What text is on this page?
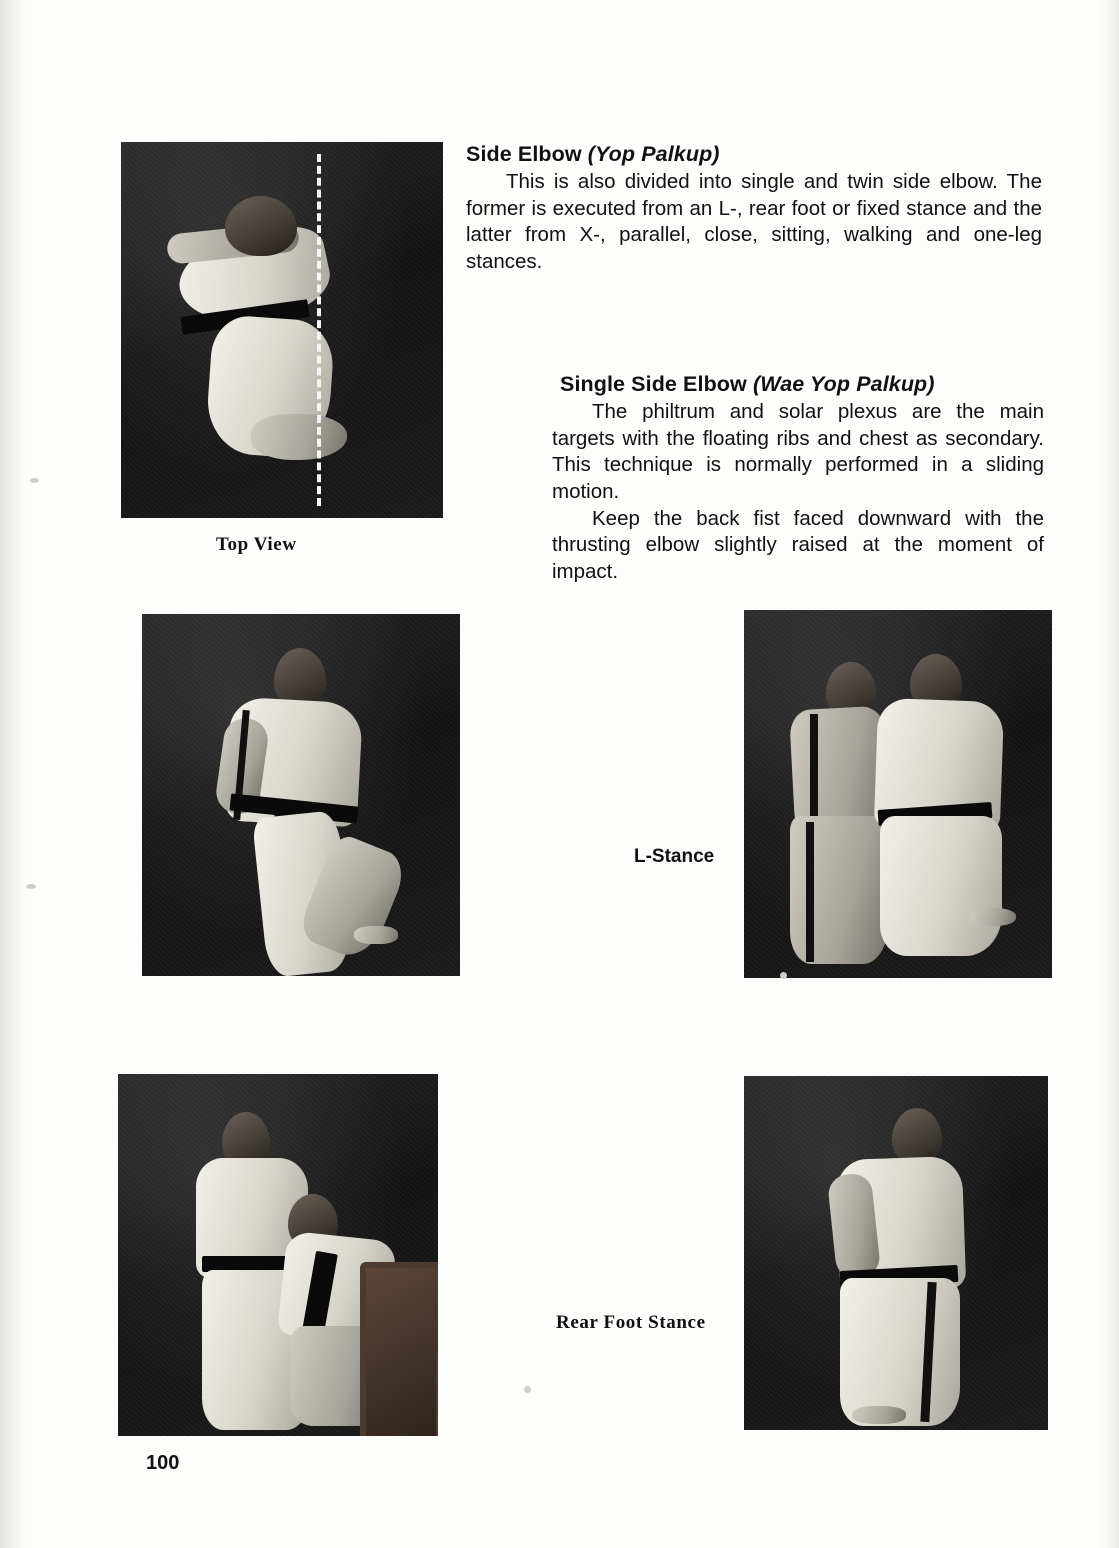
Top View
Side Elbow (Yop Palkup)

This is also divided into single and twin side elbow. The former is executed from an L-, rear foot or fixed stance and the latter from X-, parallel, close, sitting, walking and one-leg stances.

Single Side Elbow (Wae Yop Palkup)

The philtrum and solar plexus are the main targets with the floating ribs and chest as secondary. This technique is normally performed in a sliding motion.

Keep the back fist faced downward with the thrusting elbow slightly raised at the moment of impact.

L-Stance
Rear Foot Stance
100
